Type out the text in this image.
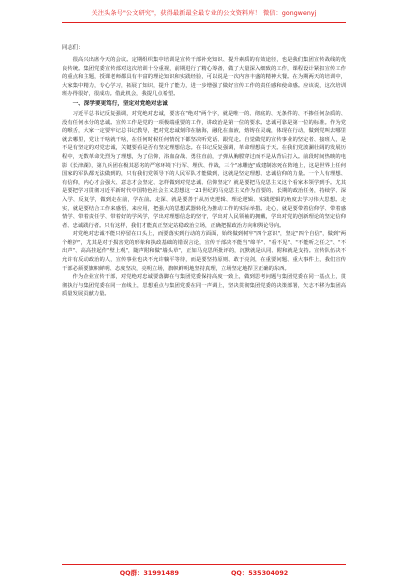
关注头条号"公文研究"，获得最新最全最专业的公文资料库！ 微信：gongwenyj

同志们：

很高兴出席今天的会议。定期组织集中培训是宣传干部补充知识、提升素质的有效途径，也是我们集团宣传战线的优良传统。集团党委宣传部对这次培训十分重视，前期进行了精心筹备，做了大量深入细致的工作，课程设计紧扣宣传工作的重点和主题，授课老师都具有丰富的理论知识和实践经验，可以说是一次内容丰盛的精神大餐。在为期两天的培训中，大家集中精力，专心学习，拓展了知识，提升了能力，进一步增强了做好宣传工作的责任感和使命感。应该说，这次培训班办得很好，很成功。借此机会，我提几点希望。

一、深学要更笃行，坚定对党绝对忠诚

习近平总书记反复强调，对党绝对忠诚，要害在"绝对"两个字，就是唯一的、彻底的、无条件的、不掺任何杂质的、没有任何水分的忠诚。宣传工作是党的一项极端重要的工作，讲政治是第一位的要求。忠诚可靠是第一位的标准。作为党的喉舌，大家一定要牢记总书记教导，把对党忠诚刻印在脑海，融化在血液，熔铸在灵魂，体现在行动，做到党叫去哪里就去哪里，党让干啥就干啥，在任何时候任何情况下都坚决听党话、跟党走。自觉做党的宣传事业的坚定者、接班人，是不是有坚定的对党忠诚，关键要看是否有坚定理想信念。在书记反复强调，革命理想高于天。在我们党波澜壮阔的发展历程中，无数革命先烈为了理想，为了信仰，浴血奋战、勇往直前，子弹从胸膛穿过而不是从背后打入。前段时间热映的电影《长津湖》，第九兵团在极其恶劣的严寒环境下行军、埋伏、作战，三个"冰雕连"成建制冻死在阵地上，这是世界上任何国家的军队都无法做到的，只有我们党领导下的人民军队才能做到，这就是坚定理想、忠诚信仰的力量。一个人有理想、有信仰，内心才会强大、意志才会坚定、怎样做到对党忠诚、信仰坚定？就是要把马克思主义这个看家本领学到手。尤其是要把学习贯彻习近平新时代中国特色社会主义思想这一21世纪的马克思主义作为首要的、长期的政治任务，持续学、深入学、反复学，做到走在前，学在前。走深、就是要善于从历史逻辑、理论逻辑、实践逻辑的角度去学习伟大思想。走实，就是要结合工作来感悟，来应用，把强大的思想武器转化为推动工作的实际举措。走心，就是要带着信仰学、带着感情学、带着责任学、带着好的学风学，学出对理想信念的坚守，学出对人民领袖的拥戴，学出对党的创新理论的坚定信仰者、忠诚践行者。只有这样，我们才能真正坚定站稳政治立场，正确把握政治方向和舆论导向。

对党绝对忠诚不能只停留在口头上，而要落实到行动的方面面，始终做到树牢"四个意识"，坚定"四个自信"，做到"两个维护"，尤其是对于损害党的形象和执政基础的错误言论，宣传干部决不能当"绵羊"、"看不见"、"不能听之任之"、"不出声"、高高挂起作"壁上观"，随声附和做"墙头草"，正如马克思所批评的，沉默就是认同、附和就是支持。宣传队伍决不允许有反动政治的人，宣传事业也决不允许躺平等待，而是要坚持原则、敢于亮剑，在重要问题、重大事件上，我们宣传干部必须要旗帜鲜明、态度坚决，亮明立场，旗帜鲜明地坚持真理，立场坚定地捍卫正确的东西。

作为企业宣传干部，对党绝对忠诚要落脚在与集团党委保持高度一致上，做到思考问题与集团党委在同一基点上，贯彻执行与集团党委在同一直线上，思想重点与集团党委在同一声调上，坚决贯彻集团党委的决策部署，矢志不移为集团高质量发展贡献力量。

QQ群：31991489	QQ：535304092
